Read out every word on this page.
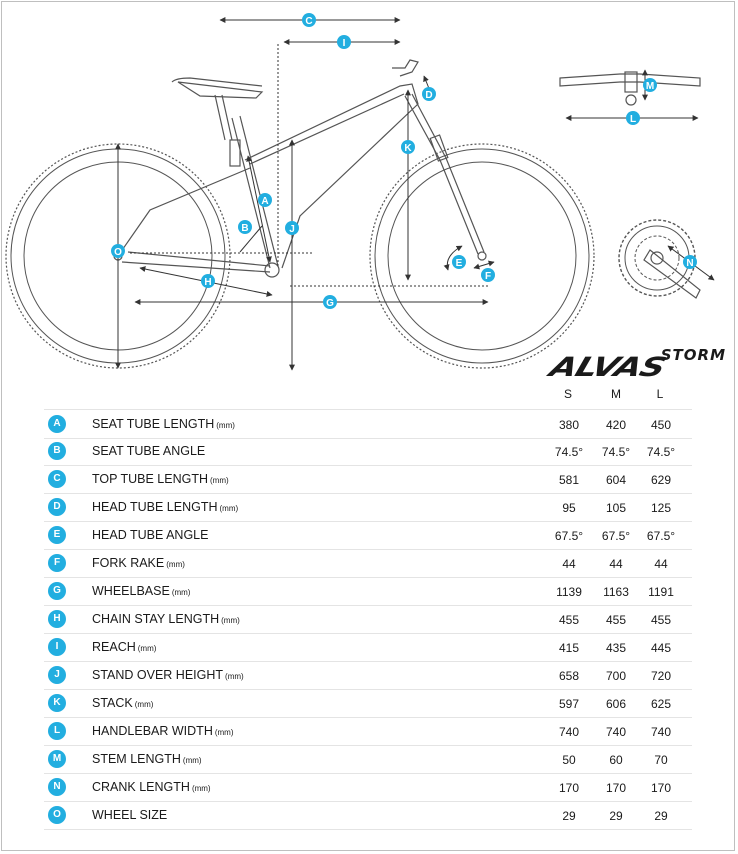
C
I
D
K
A
B	J
O
E
F
H
G
M
L
N
STORM
ALVAS
S	M	L
A	SEAT TUBE LENGTH (mm)	380	420	450
B	SEAT TUBE ANGLE	74.5°	74.5°	74.5°
C	TOP TUBE LENGTH (mm)	581	604	629
D	HEAD TUBE LENGTH (mm)	95	105	125
E	HEAD TUBE ANGLE	67.5°	67.5°	67.5°
F	FORK RAKE (mm)	44	44	44
G	WHEELBASE (mm)	1139	1163	1191
H	CHAIN STAY LENGTH (mm)	455	455	455
I	REACH (mm)	415	435	445
J	STAND OVER HEIGHT (mm)	658	700	720
K	STACK (mm)	597	606	625
L	HANDLEBAR WIDTH (mm)	740	740	740
M	STEM LENGTH (mm)	50	60	70
N	CRANK LENGTH (mm)	170	170	170
O	WHEEL SIZE	29	29	29
